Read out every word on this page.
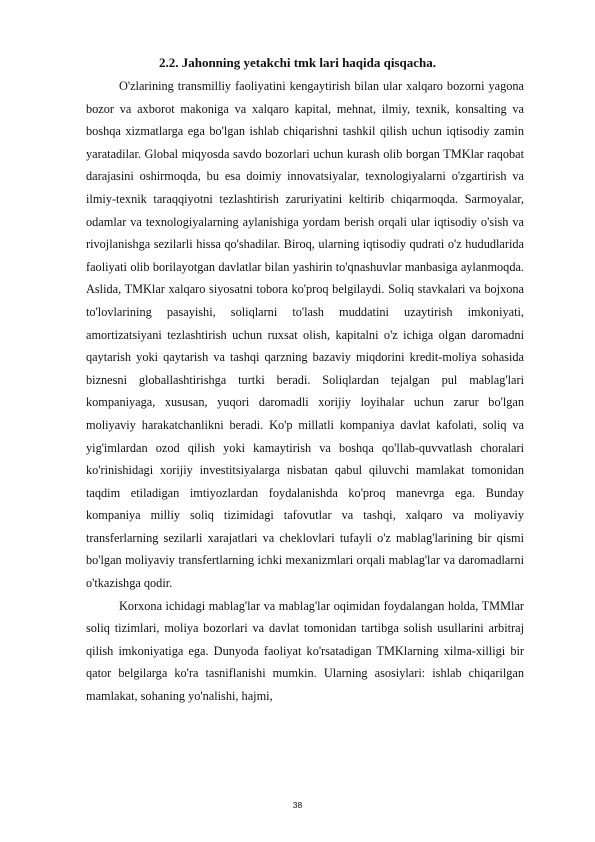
2.2. Jahonning yetakchi tmk lari haqida qisqacha.

O'zlarining transmilliy faoliyatini kengaytirish bilan ular xalqaro bozorni yagona bozor va axborot makoniga va xalqaro kapital, mehnat, ilmiy, texnik, konsalting va boshqa xizmatlarga ega bo'lgan ishlab chiqarishni tashkil qilish uchun iqtisodiy zamin yaratadilar. Global miqyosda savdo bozorlari uchun kurash olib borgan TMKlar raqobat darajasini oshirmoqda, bu esa doimiy innovatsiyalar, texnologiyalarni o'zgartirish va ilmiy-texnik taraqqiyotni tezlashtirish zaruriyatini keltirib chiqarmoqda. Sarmoyalar, odamlar va texnologiyalarning aylanishiga yordam berish orqali ular iqtisodiy o'sish va rivojlanishga sezilarli hissa qo'shadilar. Biroq, ularning iqtisodiy qudrati o'z hududlarida faoliyati olib borilayotgan davlatlar bilan yashirin to'qnashuvlar manbasiga aylanmoqda. Aslida, TMKlar xalqaro siyosatni tobora ko'proq belgilaydi. Soliq stavkalari va bojxona to'lovlarining pasayishi, soliqlarni to'lash muddatini uzaytirish imkoniyati, amortizatsiyani tezlashtirish uchun ruxsat olish, kapitalni o'z ichiga olgan daromadni qaytarish yoki qaytarish va tashqi qarzning bazaviy miqdorini kredit-moliya sohasida biznesni globallashtirishga turtki beradi. Soliqlardan tejalgan pul mablag'lari kompaniyaga, xususan, yuqori daromadli xorijiy loyihalar uchun zarur bo'lgan moliyaviy harakatchanlikni beradi. Ko'p millatli kompaniya davlat kafolati, soliq va yig'imlardan ozod qilish yoki kamaytirish va boshqa qo'llab-quvvatlash choralari ko'rinishidagi xorijiy investitsiyalarga nisbatan qabul qiluvchi mamlakat tomonidan taqdim etiladigan imtiyozlardan foydalanishda ko'proq manevrga ega. Bunday kompaniya milliy soliq tizimidagi tafovutlar va tashqi, xalqaro va moliyaviy transferlarning sezilarli xarajatlari va cheklovlari tufayli o'z mablag'larining bir qismi bo'lgan moliyaviy transfertlarning ichki mexanizmlari orqali mablag'lar va daromadlarni o'tkazishga qodir.

Korxona ichidagi mablag'lar va mablag'lar oqimidan foydalangan holda, TMMlar soliq tizimlari, moliya bozorlari va davlat tomonidan tartibga solish usullarini arbitraj qilish imkoniyatiga ega. Dunyoda faoliyat ko'rsatadigan TMKlarning xilma-xilligi bir qator belgilarga ko'ra tasniflanishi mumkin. Ularning asosiylari: ishlab chiqarilgan mamlakat, sohaning yo'nalishi, hajmi,

38
